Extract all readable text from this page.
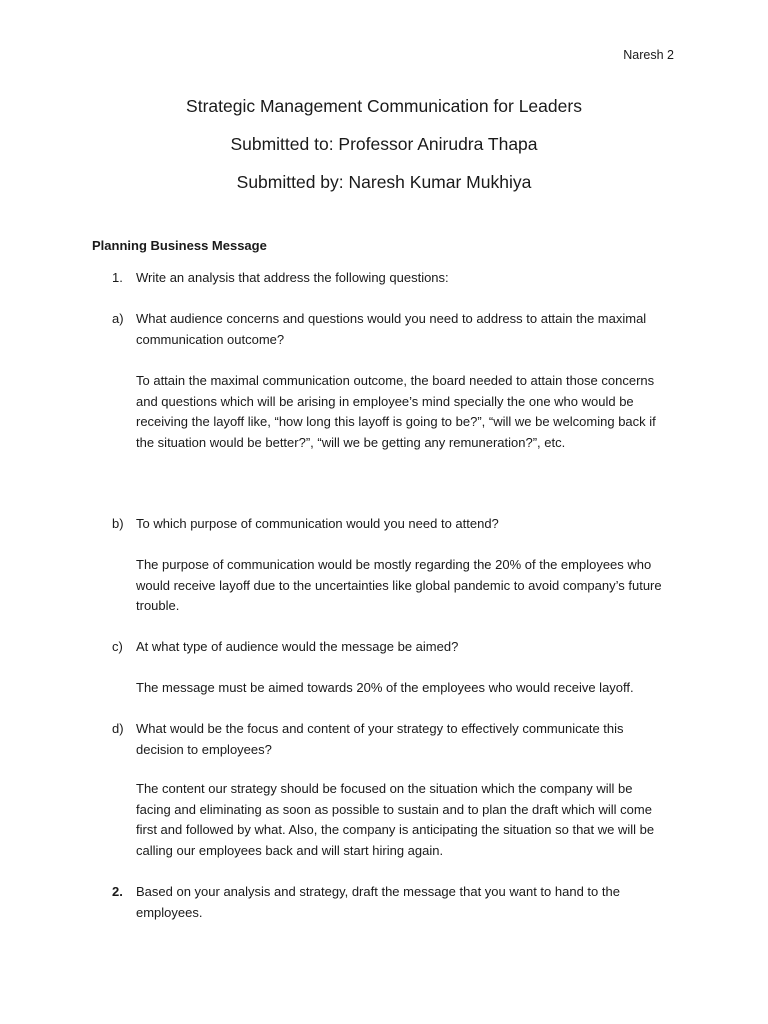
Naresh 2
Strategic Management Communication for Leaders
Submitted to: Professor Anirudra Thapa
Submitted by: Naresh Kumar Mukhiya
Planning Business Message
1. Write an analysis that address the following questions:
a) What audience concerns and questions would you need to address to attain the maximal communication outcome?
To attain the maximal communication outcome, the board needed to attain those concerns and questions which will be arising in employee’s mind specially the one who would be receiving the layoff like, “how long this layoff is going to be?”, “will we be welcoming back if the situation would be better?”, “will we be getting any remuneration?”, etc.
b) To which purpose of communication would you need to attend?
The purpose of communication would be mostly regarding the 20% of the employees who would receive layoff due to the uncertainties like global pandemic to avoid company’s future trouble.
c) At what type of audience would the message be aimed?
The message must be aimed towards 20% of the employees who would receive layoff.
d) What would be the focus and content of your strategy to effectively communicate this decision to employees?
The content our strategy should be focused on the situation which the company will be facing and eliminating as soon as possible to sustain and to plan the draft which will come first and followed by what. Also, the company is anticipating the situation so that we will be calling our employees back and will start hiring again.
2. Based on your analysis and strategy, draft the message that you want to hand to the employees.
